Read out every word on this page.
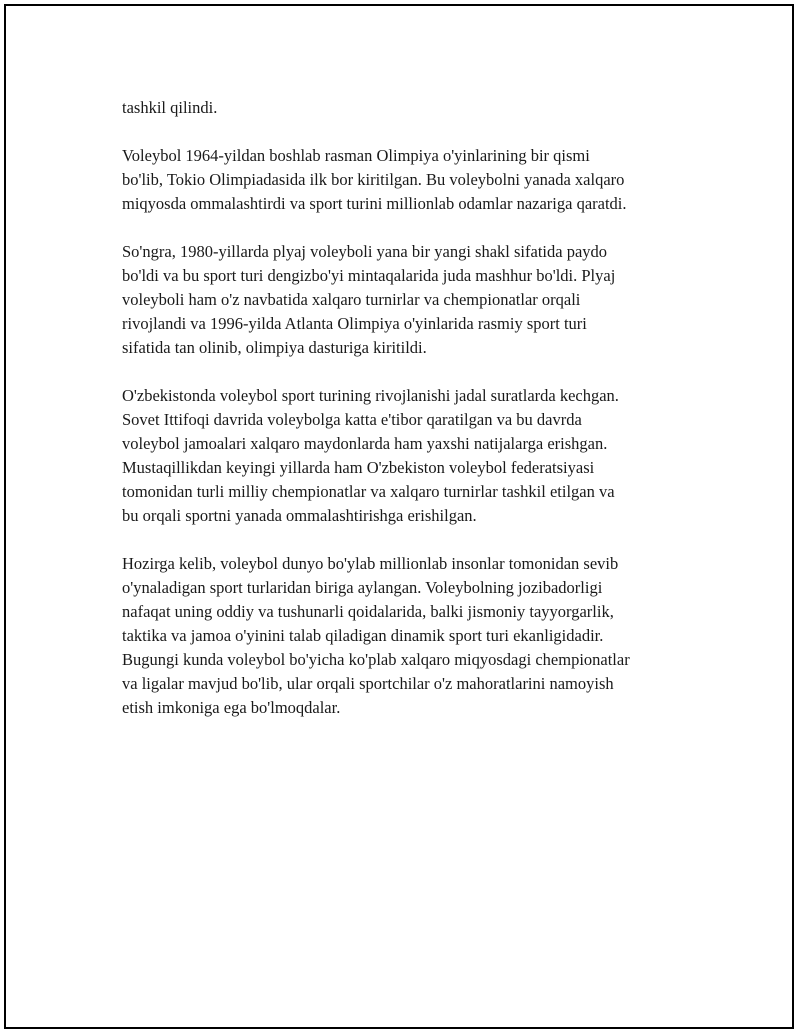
tashkil qilindi.
Voleybol 1964-yildan boshlab rasman Olimpiya o'yinlarining bir qismi
bo'lib, Tokio Olimpiadasida ilk bor kiritilgan. Bu voleybolni yanada xalqaro
miqyosda ommalashtirdi va sport turini millionlab odamlar nazariga qaratdi.
So'ngra, 1980-yillarda plyaj voleyboli yana bir yangi shakl sifatida paydo
bo'ldi va bu sport turi dengizbo'yi mintaqalarida juda mashhur bo'ldi. Plyaj
voleyboli ham o'z navbatida xalqaro turnirlar va chempionatlar orqali
rivojlandi va 1996-yilda Atlanta Olimpiya o'yinlarida rasmiy sport turi
sifatida tan olinib, olimpiya dasturiga kiritildi.
O'zbekistonda voleybol sport turining rivojlanishi jadal suratlarda kechgan.
Sovet Ittifoqi davrida voleybolga katta e'tibor qaratilgan va bu davrda
voleybol jamoalari xalqaro maydonlarda ham yaxshi natijalarga erishgan.
Mustaqillikdan keyingi yillarda ham O'zbekiston voleybol federatsiyasi
tomonidan turli milliy chempionatlar va xalqaro turnirlar tashkil etilgan va
bu orqali sportni yanada ommalashtirishga erishilgan.
Hozirga kelib, voleybol dunyo bo'ylab millionlab insonlar tomonidan sevib
o'ynaladigan sport turlaridan biriga aylangan. Voleybolning jozibadorligi
nafaqat uning oddiy va tushunarli qoidalarida, balki jismoniy tayyorgarlik,
taktika va jamoa o'yinini talab qiladigan dinamik sport turi ekanligidadir.
Bugungi kunda voleybol bo'yicha ko'plab xalqaro miqyosdagi chempionatlar
va ligalar mavjud bo'lib, ular orqali sportchilar o'z mahoratlarini namoyish
etish imkoniga ega bo'lmoqdalar.
